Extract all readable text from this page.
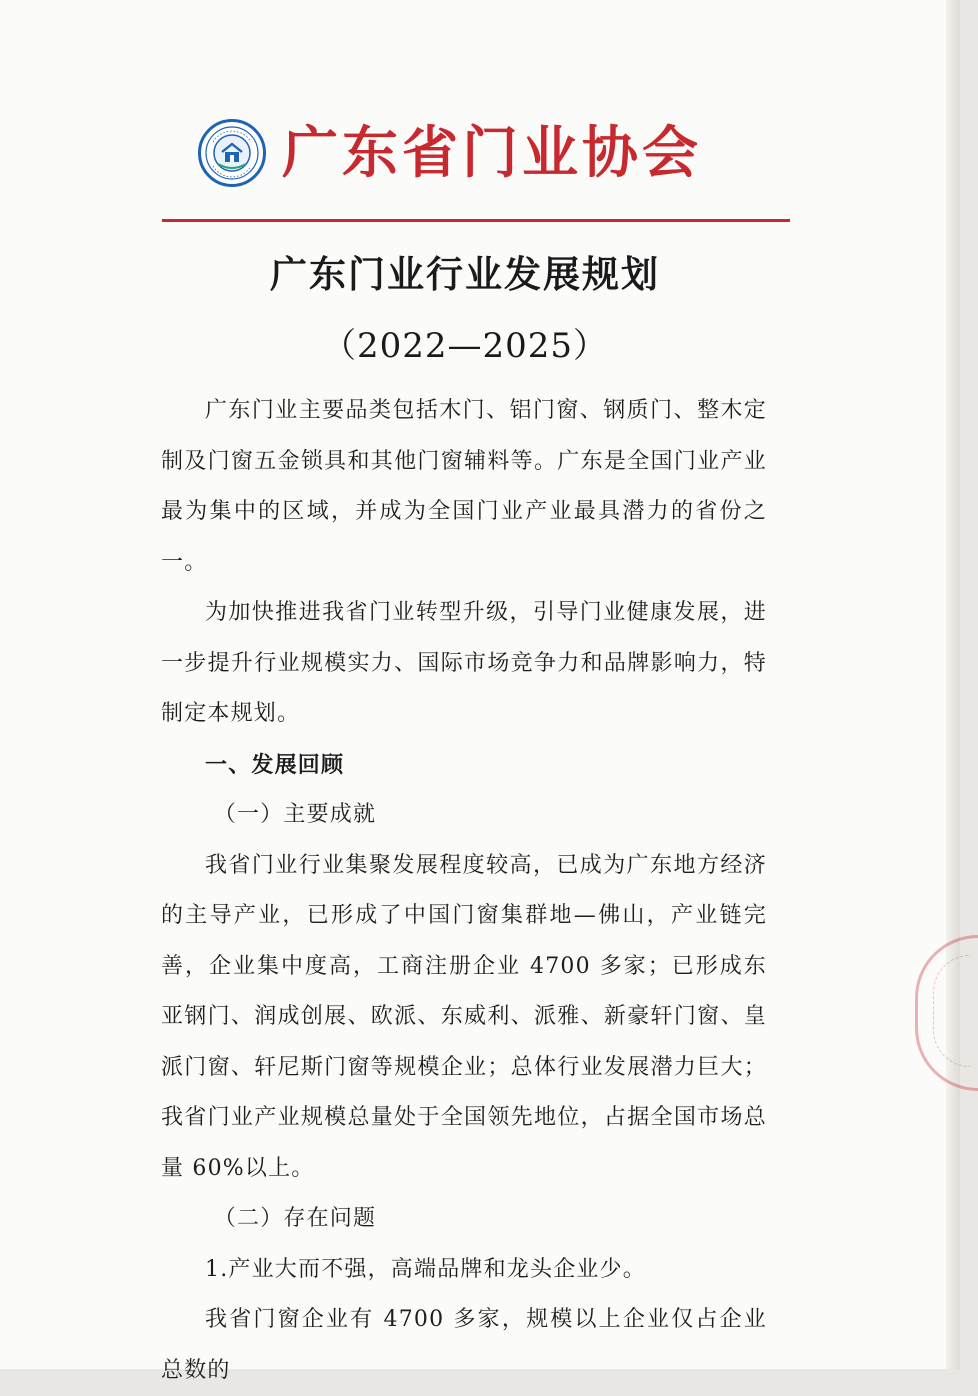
广东省门业协会
广东门业行业发展规划
（2022—2025）

广东门业主要品类包括木门、铝门窗、钢质门、整木定制及门窗五金锁具和其他门窗辅料等。广东是全国门业产业最为集中的区域，并成为全国门业产业最具潜力的省份之一。

为加快推进我省门业转型升级，引导门业健康发展，进一步提升行业规模实力、国际市场竞争力和品牌影响力，特制定本规划。

一、发展回顾

（一）主要成就

我省门业行业集聚发展程度较高，已成为广东地方经济的主导产业，已形成了中国门窗集群地—佛山，产业链完善，企业集中度高，工商注册企业 4700 多家；已形成东亚钢门、润成创展、欧派、东威利、派雅、新豪轩门窗、皇派门窗、轩尼斯门窗等规模企业；总体行业发展潜力巨大；我省门业产业规模总量处于全国领先地位，占据全国市场总量 60%以上。

（二）存在问题

1.产业大而不强，高端品牌和龙头企业少。

我省门窗企业有 4700 多家，规模以上企业仅占企业总数的
